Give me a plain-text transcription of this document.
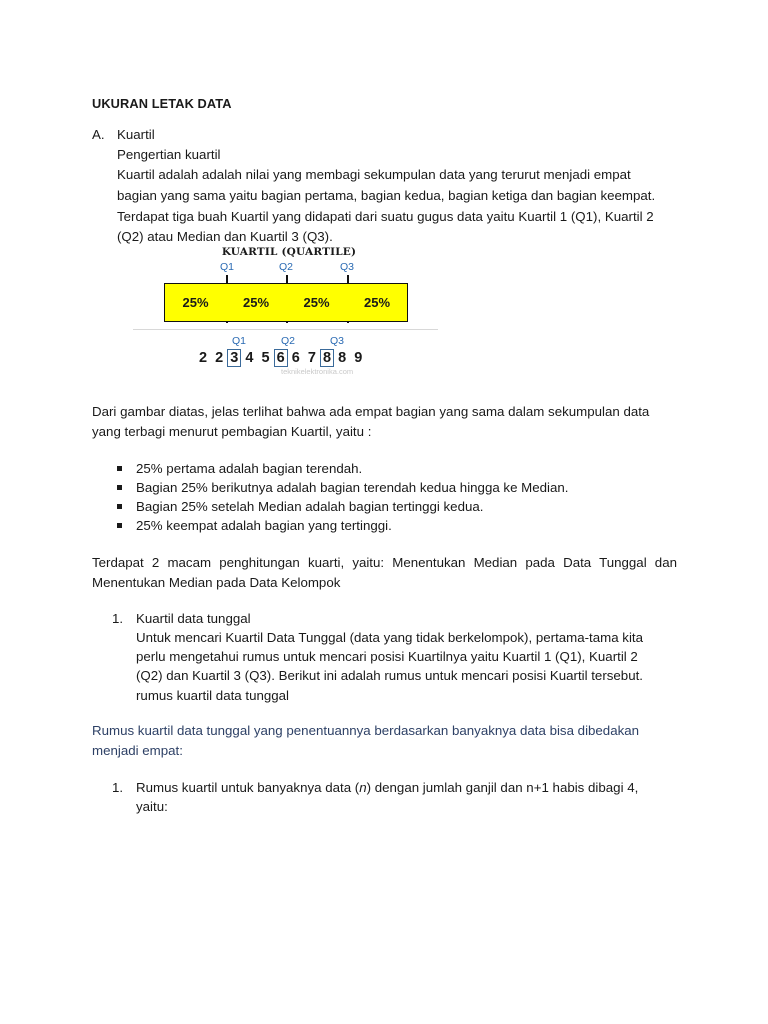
UKURAN LETAK DATA
A. Kuartil
Pengertian kuartil
Kuartil adalah adalah nilai yang membagi sekumpulan data yang terurut menjadi empat
bagian yang sama yaitu bagian pertama, bagian kedua, bagian ketiga dan bagian keempat.
Terdapat tiga buah Kuartil yang didapati dari suatu gugus data yaitu Kuartil 1 (Q1), Kuartil 2
(Q2) atau Median dan Kuartil 3 (Q3).
KUARTIL (QUARTILE)
Q1	Q2	Q3
25%	25%	25%	25%
Q1	Q2	Q3
2 2 3 4 5 6 6 7 8 8 9
teknikelektronika.com
Dari gambar diatas, jelas terlihat bahwa ada empat bagian yang sama dalam sekumpulan data
yang terbagi menurut pembagian Kuartil, yaitu :
25% pertama adalah bagian terendah.
Bagian 25% berikutnya adalah bagian terendah kedua hingga ke Median.
Bagian 25% setelah Median adalah bagian tertinggi kedua.
25% keempat adalah bagian yang tertinggi.
Terdapat 2 macam penghitungan kuarti, yaitu: Menentukan Median pada Data Tunggal dan
Menentukan Median pada Data Kelompok
1. Kuartil data tunggal
Untuk mencari Kuartil Data Tunggal (data yang tidak berkelompok), pertama-tama kita
perlu mengetahui rumus untuk mencari posisi Kuartilnya yaitu Kuartil 1 (Q1), Kuartil 2
(Q2) dan Kuartil 3 (Q3). Berikut ini adalah rumus untuk mencari posisi Kuartil tersebut.
rumus kuartil data tunggal
Rumus kuartil data tunggal yang penentuannya berdasarkan banyaknya data bisa dibedakan
menjadi empat:
1. Rumus kuartil untuk banyaknya data (n) dengan jumlah ganjil dan n+1 habis dibagi 4,
yaitu:
